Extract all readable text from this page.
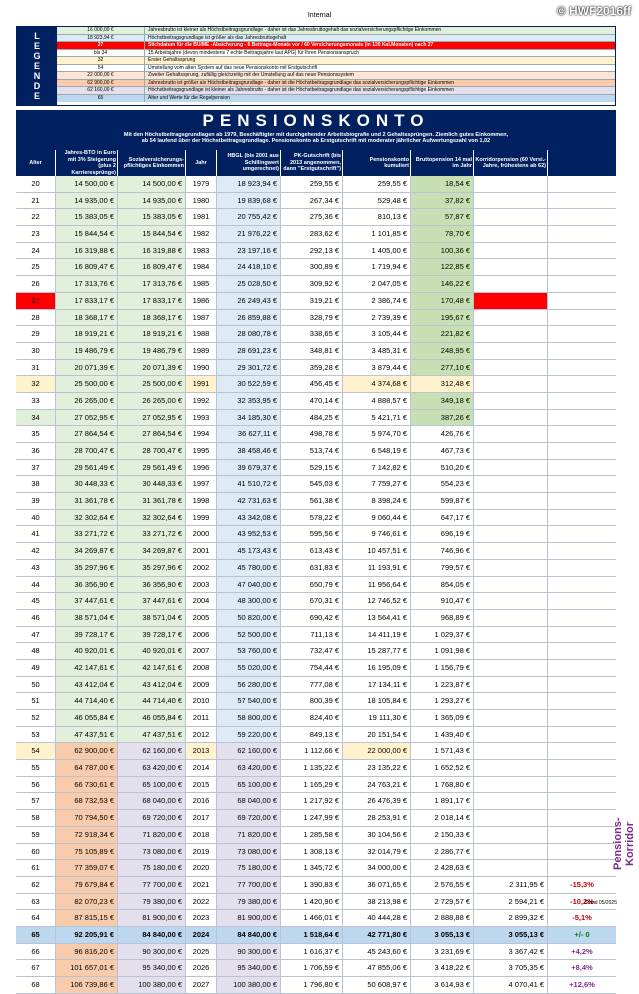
© HWF2016ff
Internal
L
E
G
E
N
D
E
16 000,00 €	Jahresbrutto ist kleiner als Höchstbeitragsgrundlage - daher ist das Jahresbruttogehalt das sozialversicherungspflichtige Einkommen
18 923,94 €	Höchstbeitragsgrundlage ist größer als das Jahresbruttogehalt
27	Stichdatum für die BU/ME -Absicherung - 6 Beitrags-Monate vor / 60 Versicherungsmonate (in 120 Kal.Monaten) nach 27
bis 34	15 Arbeitsjahre (devon mindestens 7 echte Beitragsjahre laut APG) für Ihren Pensionsanspruch
32	Erster Gehaltssprung
54	Umstellung vom alten System auf das neue Pensionskonto mit Erstgutschrift
22 000,00 €	Zweiter Gehaltssprung, zufällig gleichzeitig mit der Umstellung auf das neue Pensionssystem
62 900,00 €	Jahresbrutto ist größer als Höchstbeitragsgrundlage - daher ist die Höchstbeitragsgrundlage das sozialversicherungspflichtige Einkommen
62 160,00 €	Höchstbeitragsgrundlage ist kleiner als Jahresbrutto - daher ist die Höchstbeitragsgrundlage das sozialversicherungspflichtige Einkommen
65	Alter und Werte für die Regelpension
PENSIONSKONTO
Mit den Höchstbeitragsgrundlagen ab 1979, Beschäftigter mit durchgehender Arbeitsbiografie und 2 Gehaltssprüngen. Ziemlich gutes Einkommen,
ab 54 laufend über der Höchstbeitragsgrundlage. Pensionskonto ab Erstgutschrift mit moderater jährlicher Aufwertungszahl von 1,02
Alter
Jahres-BTO in Euro mit 3% Steigerung (plus 2 Karrieresprünge)
Sozialversicherungs-pflichtiges Einkommen
Jahr
HBGL (bis 2001 aus Schillingwert umgerechnet)
PK-Gutschrift (bis 2013 angenommen, dann "Erstgutschrift")
Pensionskonto kumuliert
Bruttopension 14 mal im Jahr
Korridorpension (60 Versi.-Jahre, frühestens ab 62)
20	14 500,00 €	14 500,00 €	1979	18 923,94 €	259,55 €	259,55 €	18,54 €
21	14 935,00 €	14 935,00 €	1980	19 839,68 €	267,34 €	529,48 €	37,82 €
22	15 383,05 €	15 383,05 €	1981	20 755,42 €	275,36 €	810,13 €	57,87 €
23	15 844,54 €	15 844,54 €	1982	21 976,22 €	283,62 €	1 101,85 €	78,70 €
24	16 319,88 €	16 319,88 €	1983	23 197,16 €	292,13 €	1 405,00 €	100,36 €
25	16 809,47 €	16 809,47 €	1984	24 418,10 €	300,89 €	1 719,94 €	122,85 €
26	17 313,76 €	17 313,76 €	1985	25 028,50 €	309,92 €	2 047,05 €	146,22 €
27	17 833,17 €	17 833,17 €	1986	26 249,43 €	319,21 €	2 386,74 €	170,48 €
28	18 368,17 €	18 368,17 €	1987	26 859,88 €	328,79 €	2 739,39 €	195,67 €
29	18 919,21 €	18 919,21 €	1988	28 080,78 €	338,65 €	3 105,44 €	221,82 €
30	19 486,79 €	19 486,79 €	1989	28 691,23 €	348,81 €	3 485,31 €	248,95 €
31	20 071,39 €	20 071,39 €	1990	29 301,72 €	359,28 €	3 879,44 €	277,10 €
32	25 500,00 €	25 500,00 €	1991	30 522,59 €	456,45 €	4 374,68 €	312,48 €
33	26 265,00 €	26 265,00 €	1992	32 353,95 €	470,14 €	4 888,57 €	349,18 €
34	27 052,95 €	27 052,95 €	1993	34 185,30 €	484,25 €	5 421,71 €	387,26 €
35	27 864,54 €	27 864,54 €	1994	36 627,11 €	498,78 €	5 974,70 €	426,76 €
36	28 700,47 €	28 700,47 €	1995	38 458,46 €	513,74 €	6 548,19 €	467,73 €
37	29 561,49 €	29 561,49 €	1996	39 679,37 €	529,15 €	7 142,82 €	510,20 €
38	30 448,33 €	30 448,33 €	1997	41 510,72 €	545,03 €	7 759,27 €	554,23 €
39	31 361,78 €	31 361,78 €	1998	42 731,63 €	561,38 €	8 398,24 €	599,87 €
40	32 302,64 €	32 302,64 €	1999	43 342,08 €	578,22 €	9 060,44 €	647,17 €
41	33 271,72 €	33 271,72 €	2000	43 952,53 €	595,56 €	9 746,61 €	696,19 €
42	34 269,87 €	34 269,87 €	2001	45 173,43 €	613,43 €	10 457,51 €	746,96 €
43	35 297,96 €	35 297,96 €	2002	45 780,00 €	631,83 €	11 193,91 €	799,57 €
44	36 356,90 €	36 356,90 €	2003	47 040,00 €	650,79 €	11 956,64 €	854,05 €
45	37 447,61 €	37 447,61 €	2004	48 300,00 €	670,31 €	12 746,52 €	910,47 €
46	38 571,04 €	38 571,04 €	2005	50 820,00 €	690,42 €	13 564,41 €	968,89 €
47	39 728,17 €	39 728,17 €	2006	52 500,00 €	711,13 €	14 411,19 €	1 029,37 €
48	40 920,01 €	40 920,01 €	2007	53 760,00 €	732,47 €	15 287,77 €	1 091,98 €
49	42 147,61 €	42 147,61 €	2008	55 020,00 €	754,44 €	16 195,09 €	1 156,79 €
50	43 412,04 €	43 412,04 €	2009	56 280,00 €	777,08 €	17 134,11 €	1 223,87 €
51	44 714,40 €	44 714,40 €	2010	57 540,00 €	800,39 €	18 105,84 €	1 293,27 €
52	46 055,84 €	46 055,84 €	2011	58 800,00 €	824,40 €	19 111,30 €	1 365,09 €
53	47 437,51 €	47 437,51 €	2012	59 220,00 €	849,13 €	20 151,54 €	1 439,40 €
54	62 900,00 €	62 160,00 €	2013	62 160,00 €	1 112,66 €	22 000,00 €	1 571,43 €
55	64 787,00 €	63 420,00 €	2014	63 420,00 €	1 135,22 €	23 135,22 €	1 652,52 €
56	66 730,61 €	65 100,00 €	2015	65 100,00 €	1 165,29 €	24 763,21 €	1 768,80 €
57	68 732,53 €	68 040,00 €	2016	68 040,00 €	1 217,92 €	26 476,39 €	1 891,17 €
58	70 794,50 €	69 720,00 €	2017	69 720,00 €	1 247,99 €	28 253,91 €	2 018,14 €
59	72 918,34 €	71 820,00 €	2018	71 820,00 €	1 285,58 €	30 104,56 €	2 150,33 €
60	75 105,89 €	73 080,00 €	2019	73 080,00 €	1 308,13 €	32 014,79 €	2 286,77 €
61	77 359,07 €	75 180,00 €	2020	75 180,00 €	1 345,72 €	34 000,00 €	2 428,63 €
62	79 679,84 €	77 700,00 €	2021	77 700,00 €	1 390,83 €	36 071,65 €	2 576,55 €	2 311,95 €	-15,3%
63	82 070,23 €	79 380,00 €	2022	79 380,00 €	1 420,90 €	38 213,98 €	2 729,57 €	2 594,21 €	-10,2%
64	87 815,15 €	81 900,00 €	2023	81 900,00 €	1 466,01 €	40 444,28 €	2 888,88 €	2 899,32 €	-5,1%
65	92 205,91 €	84 840,00 €	2024	84 840,00 €	1 518,64 €	42 771,80 €	3 055,13 €	3 055,13 €	+/- 0
66	96 816,20 €	90 300,00 €	2025	90 300,00 €	1 616,37 €	45 243,60 €	3 231,69 €	3 367,42 €	+4,2%
67	101 657,01 €	95 340,00 €	2026	95 340,00 €	1 706,59 €	47 855,06 €	3 418,22 €	3 705,35 €	+8,4%
68	106 739,86 €	100 380,00 €	2027	100 380,00 €	1 796,80 €	50 608,97 €	3 614,93 €	4 070,41 €	+12,6%
Pensions-Korridor
Stand 05/2025
